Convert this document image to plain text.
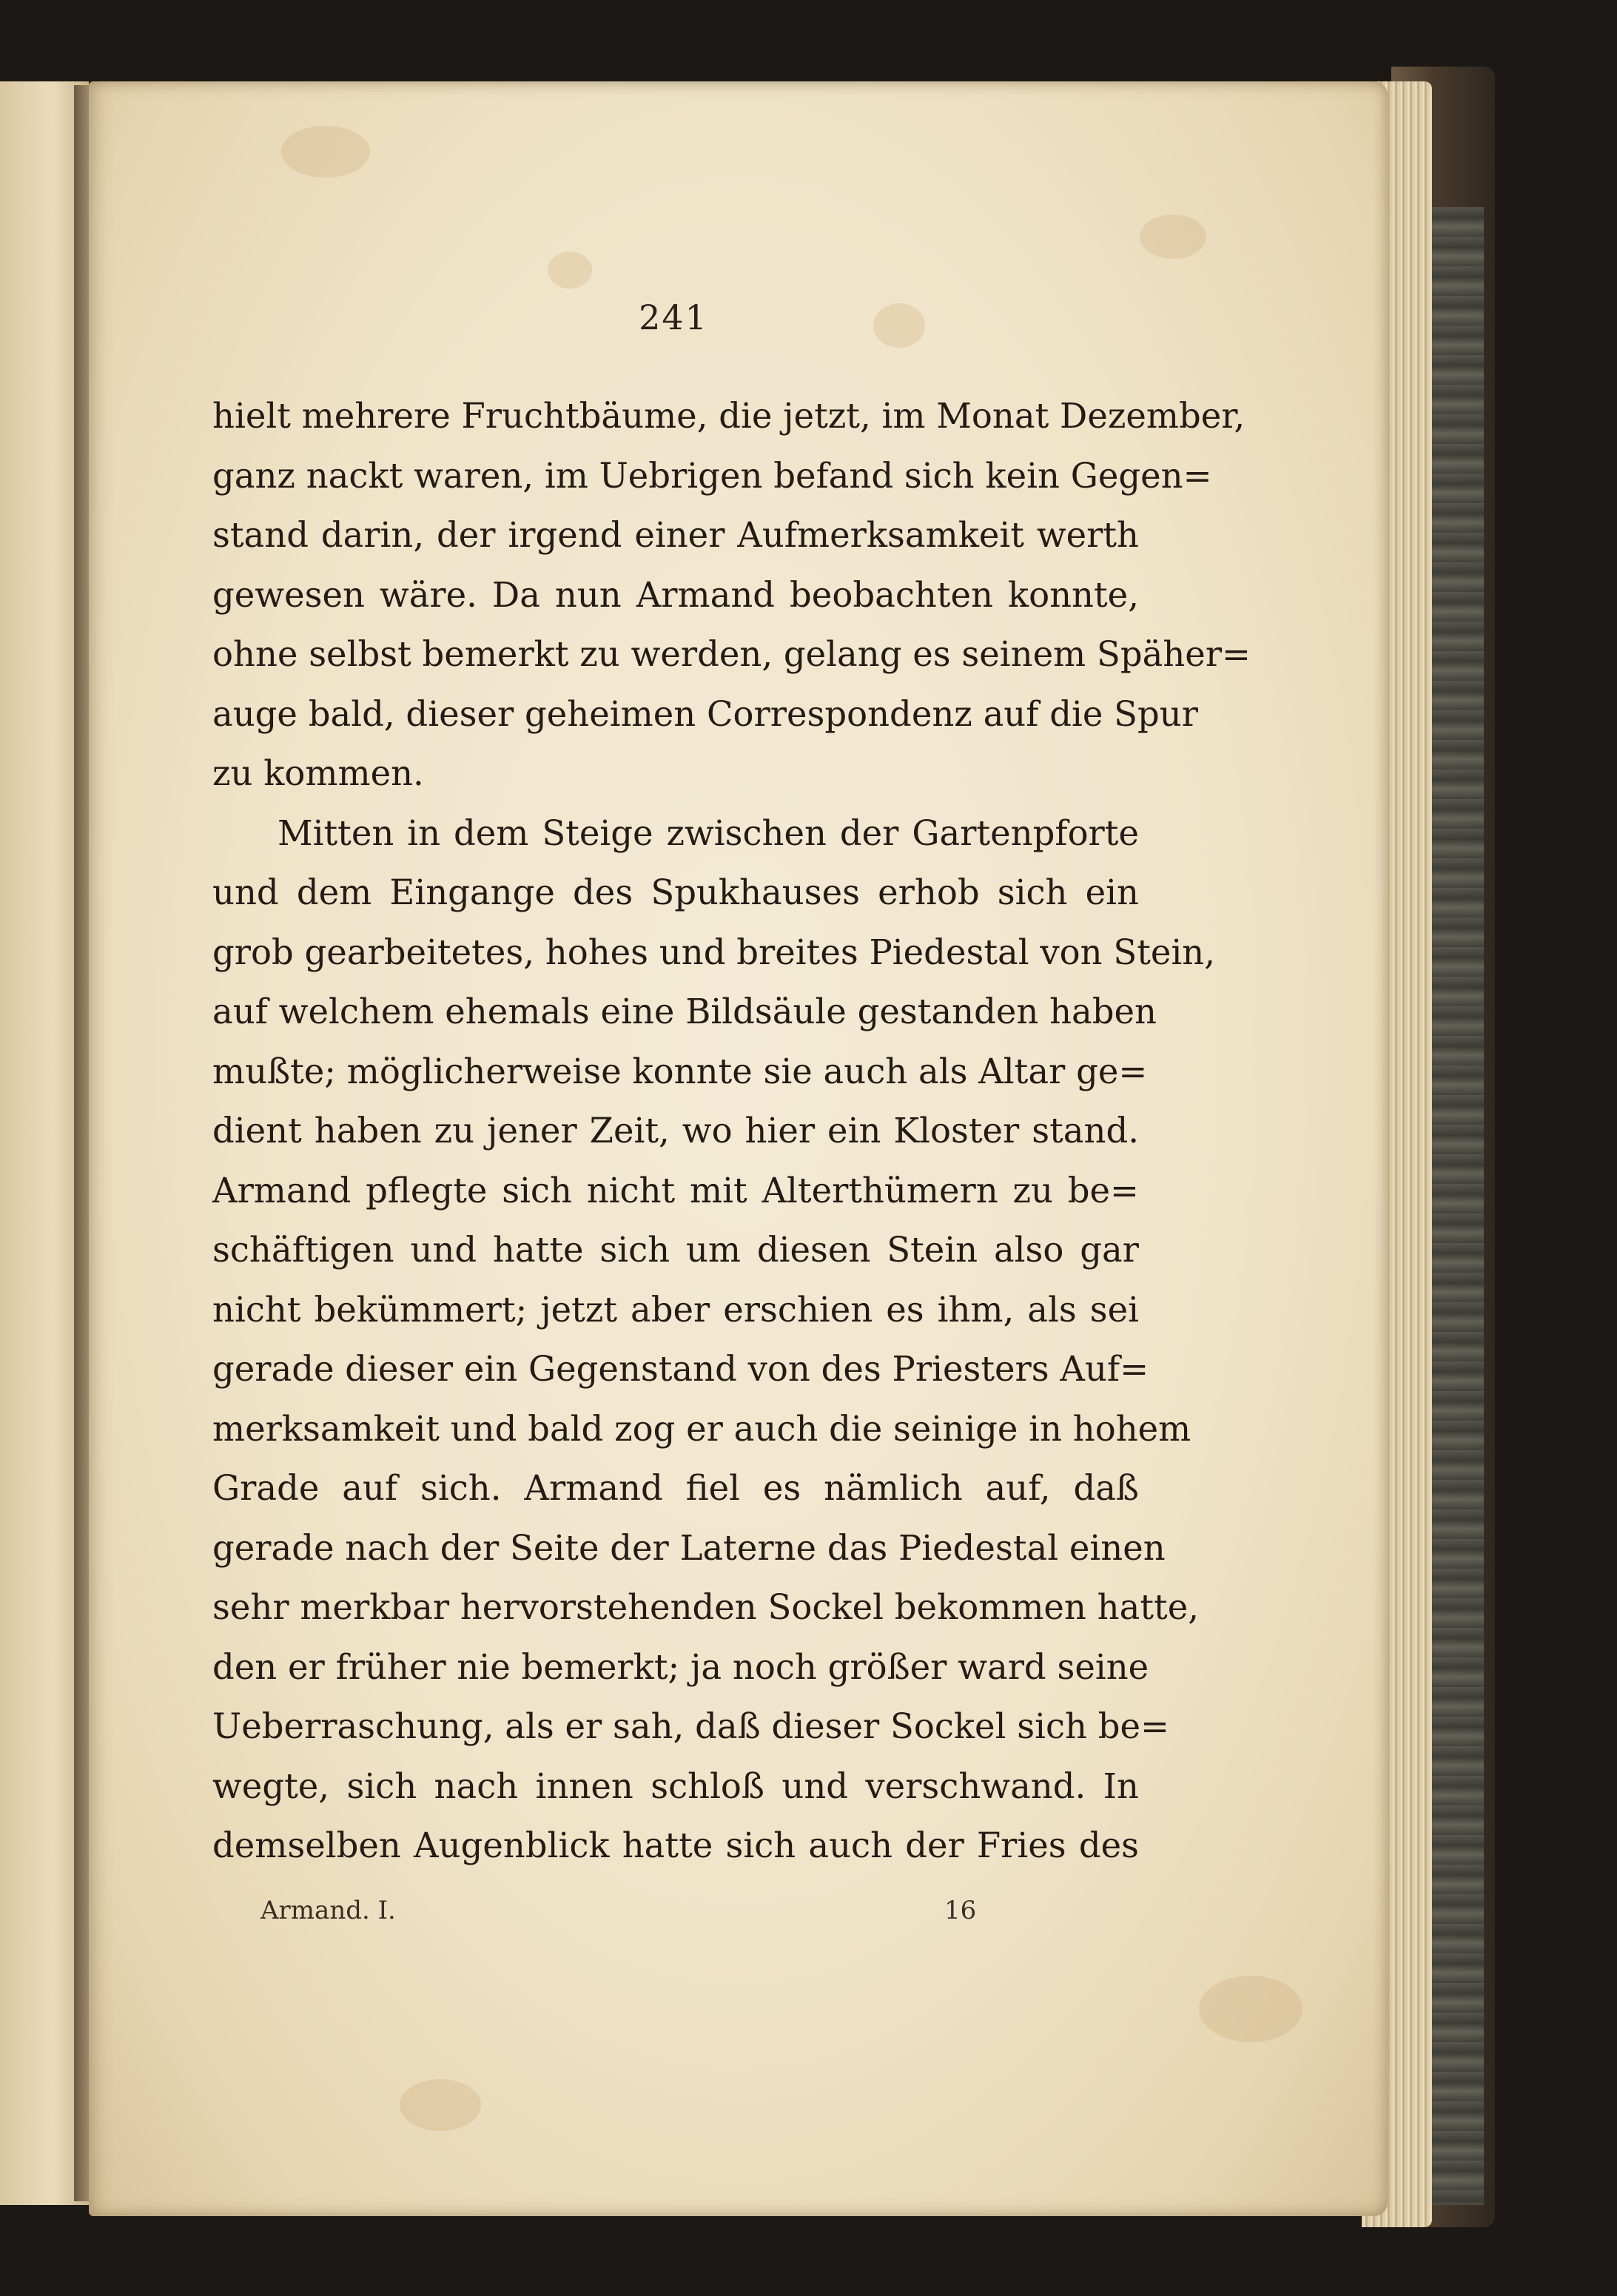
241
hielt mehrere Fruchtbäume, die jetzt, im Monat Dezember,
ganz nackt waren, im Uebrigen befand sich kein Gegen=
stand darin, der irgend einer Aufmerksamkeit werth
gewesen wäre. Da nun Armand beobachten konnte,
ohne selbst bemerkt zu werden, gelang es seinem Späher=
auge bald, dieser geheimen Correspondenz auf die Spur
zu kommen.
Mitten in dem Steige zwischen der Gartenpforte
und dem Eingange des Spukhauses erhob sich ein
grob gearbeitetes, hohes und breites Piedestal von Stein,
auf welchem ehemals eine Bildsäule gestanden haben
mußte; möglicherweise konnte sie auch als Altar ge=
dient haben zu jener Zeit, wo hier ein Kloster stand.
Armand pflegte sich nicht mit Alterthümern zu be=
schäftigen und hatte sich um diesen Stein also gar
nicht bekümmert; jetzt aber erschien es ihm, als sei
gerade dieser ein Gegenstand von des Priesters Auf=
merksamkeit und bald zog er auch die seinige in hohem
Grade auf sich. Armand fiel es nämlich auf, daß
gerade nach der Seite der Laterne das Piedestal einen
sehr merkbar hervorstehenden Sockel bekommen hatte,
den er früher nie bemerkt; ja noch größer ward seine
Ueberraschung, als er sah, daß dieser Sockel sich be=
wegte, sich nach innen schloß und verschwand. In
demselben Augenblick hatte sich auch der Fries des
Armand. I.	16
